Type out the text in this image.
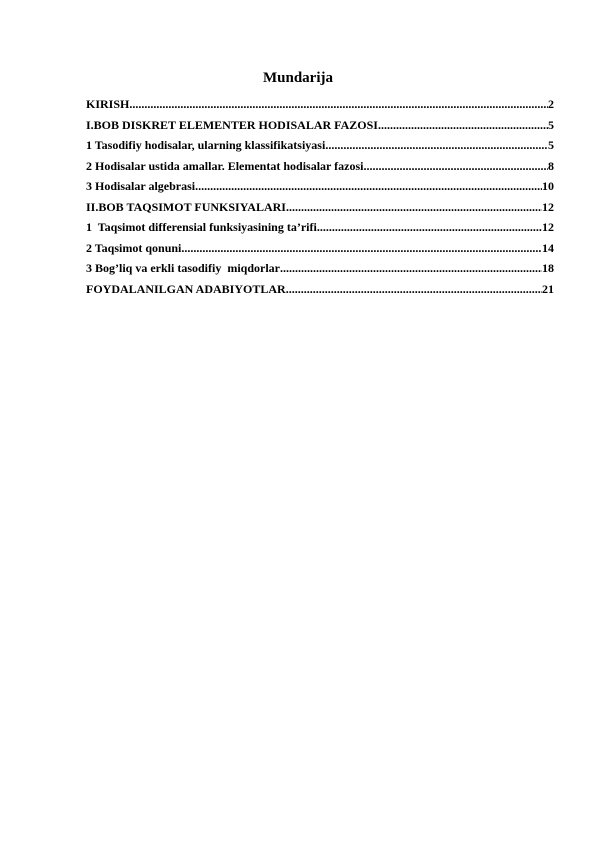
Mundarija
KIRISH .....	2
I.BOB DISKRET ELEMENTER HODISALAR FAZOSI .....	5
1 Tasodifiy hodisalar, ularning klassifikatsiyasi .....	5
2 Hodisalar ustida amallar. Elementat hodisalar fazosi .....	8
3 Hodisalar algebrasi .....	10
II.BOB TAQSIMOT FUNKSIYALARI .....	12
1  Taqsimot differensial funksiyasining ta’rifi .....	12
2 Taqsimot qonuni .....	14
3 Bog’liq va erkli tasodifiy  miqdorlar .....	18
FOYDALANILGAN ADABIYOTLAR .....	21
